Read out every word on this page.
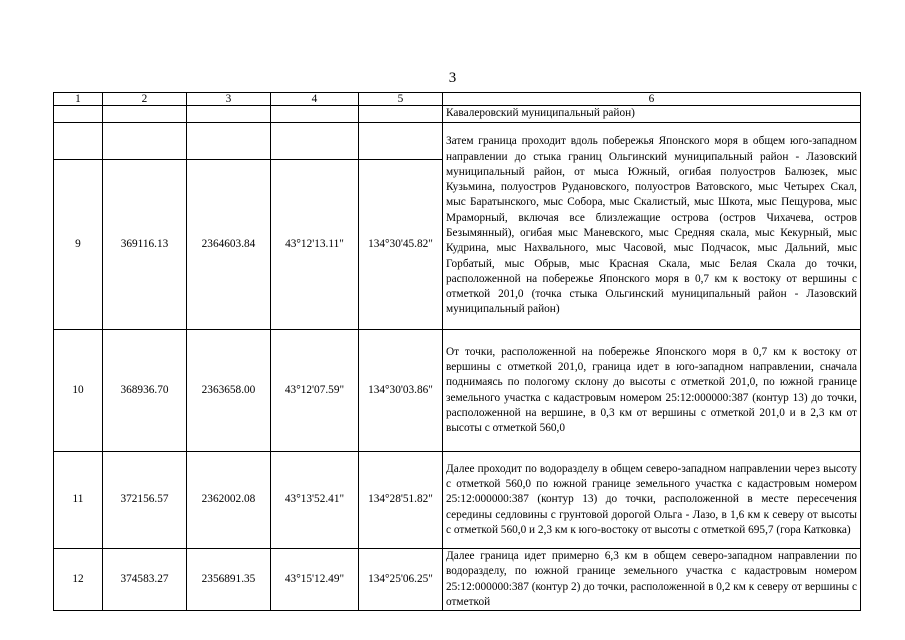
3
1	2	3	4	5	6
					Кавалеровский муниципальный район)
					Затем граница проходит вдоль побережья Японского моря в общем юго-западном направлении до стыка границ Ольгинский муниципальный район - Лазовский муниципальный район, от мыса Южный, огибая полуостров Балюзек, мыс Кузьмина, полуостров Рудановского, полуостров Ватовского, мыс Четырех Скал, мыс Баратынского, мыс Собора, мыс Скалистый, мыс Шкота, мыс Пещурова, мыс Мраморный, включая все близлежащие острова (остров Чихачева, остров Безымянный), огибая мыс Маневского, мыс Средняя скала, мыс Кекурный, мыс Кудрина, мыс Нахвального, мыс Часовой, мыс Подчасок, мыс Дальний, мыс Горбатый, мыс Обрыв, мыс Красная Скала, мыс Белая Скала до точки, расположенной на побережье Японского моря в 0,7 км к востоку от вершины с отметкой 201,0 (точка стыка Ольгинский муниципальный район - Лазовский муниципальный район)
9	369116.13	2364603.84	43°12'13.11"	134°30'45.82"	
10	368936.70	2363658.00	43°12'07.59"	134°30'03.86"	От точки, расположенной на побережье Японского моря в 0,7 км к востоку от вершины с отметкой 201,0, граница идет в юго-западном направлении, сначала поднимаясь по пологому склону до высоты с отметкой 201,0, по южной границе земельного участка с кадастровым номером 25:12:000000:387 (контур 13) до точки, расположенной на вершине, в 0,3 км от вершины с отметкой 201,0 и в 2,3 км от высоты с отметкой 560,0
11	372156.57	2362002.08	43°13'52.41"	134°28'51.82"	Далее проходит по водоразделу в общем северо-западном направлении через высоту с отметкой 560,0 по южной границе земельного участка с кадастровым номером 25:12:000000:387 (контур 13) до точки, расположенной в месте пересечения середины седловины с грунтовой дорогой Ольга - Лазо, в 1,6 км к северу от высоты с отметкой 560,0 и 2,3 км к юго-востоку от высоты с отметкой 695,7 (гора Катковка)
12	374583.27	2356891.35	43°15'12.49"	134°25'06.25"	Далее граница идет примерно 6,3 км в общем северо-западном направлении по водоразделу, по южной границе земельного участка с кадастровым номером 25:12:000000:387 (контур 2) до точки, расположенной в 0,2 км к северу от вершины с отметкой
